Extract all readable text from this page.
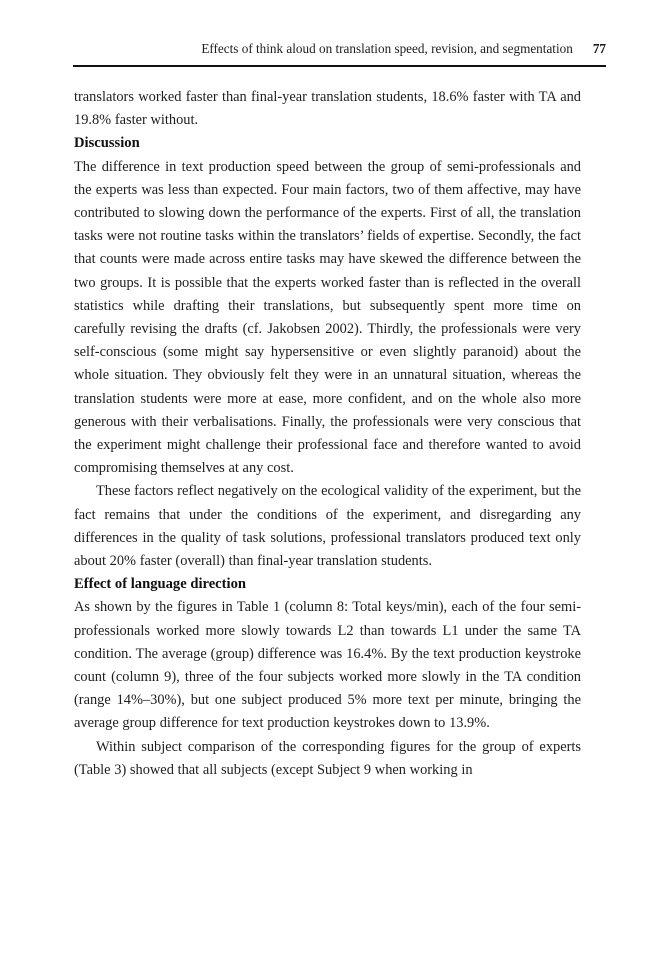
Effects of think aloud on translation speed, revision, and segmentation 77

translators worked faster than final-year translation students, 18.6% faster with TA and 19.8% faster without.

Discussion

The difference in text production speed between the group of semi-professionals and the experts was less than expected. Four main factors, two of them affective, may have contributed to slowing down the performance of the experts. First of all, the translation tasks were not routine tasks within the translators’ fields of expertise. Secondly, the fact that counts were made across entire tasks may have skewed the difference between the two groups. It is possible that the experts worked faster than is reflected in the overall statistics while drafting their translations, but subsequently spent more time on carefully revising the drafts (cf. Jakobsen 2002). Thirdly, the professionals were very self-conscious (some might say hypersensitive or even slightly paranoid) about the whole situation. They obviously felt they were in an unnatural situation, whereas the translation students were more at ease, more confident, and on the whole also more generous with their verbalisations. Finally, the professionals were very conscious that the experiment might challenge their professional face and therefore wanted to avoid compromising themselves at any cost.

These factors reflect negatively on the ecological validity of the experiment, but the fact remains that under the conditions of the experiment, and disregarding any differences in the quality of task solutions, professional translators produced text only about 20% faster (overall) than final-year translation students.

Effect of language direction

As shown by the figures in Table 1 (column 8: Total keys/min), each of the four semi-professionals worked more slowly towards L2 than towards L1 under the same TA condition. The average (group) difference was 16.4%. By the text production keystroke count (column 9), three of the four subjects worked more slowly in the TA condition (range 14%–30%), but one subject produced 5% more text per minute, bringing the average group difference for text production keystrokes down to 13.9%.

Within subject comparison of the corresponding figures for the group of experts (Table 3) showed that all subjects (except Subject 9 when working in
